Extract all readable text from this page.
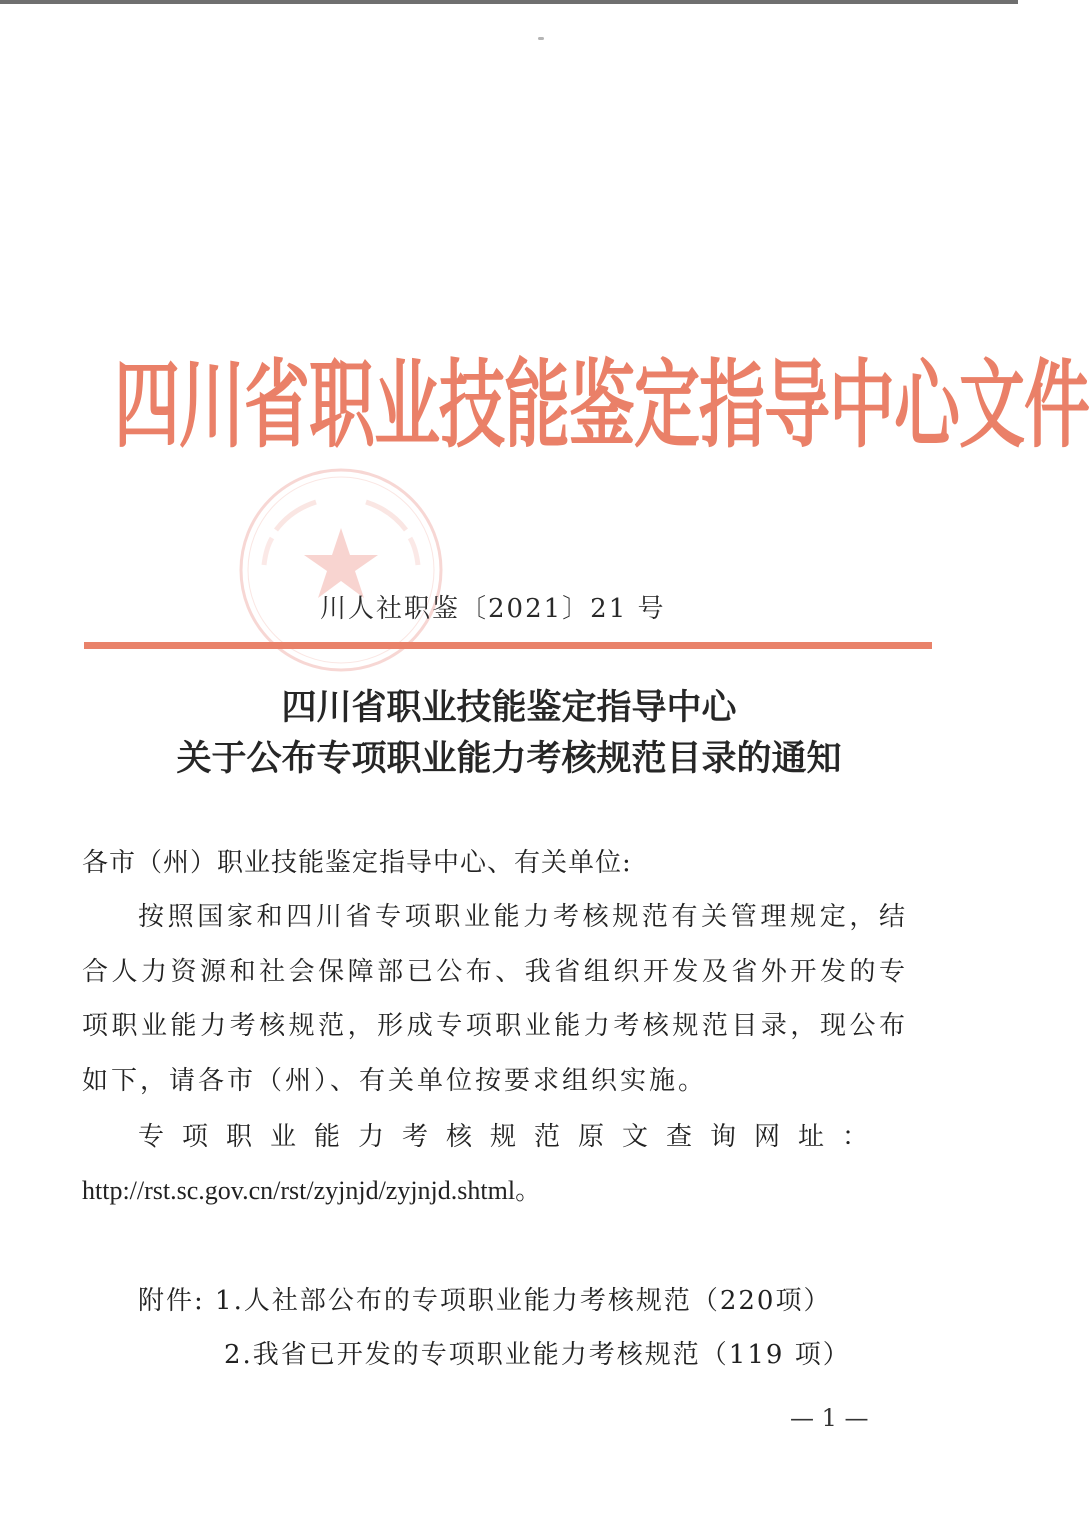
四川省职业技能鉴定指导中心文件
川人社职鉴〔2021〕21 号
四川省职业技能鉴定指导中心
关于公布专项职业能力考核规范目录的通知
各市（州）职业技能鉴定指导中心、有关单位:
按照国家和四川省专项职业能力考核规范有关管理规定，结合人力资源和社会保障部已公布、我省组织开发及省外开发的专项职业能力考核规范，形成专项职业能力考核规范目录，现公布如下，请各市（州）、有关单位按要求组织实施。
专项职业能力考核规范原文查询网址：
http://rst.sc.gov.cn/rst/zyjnjd/zyjnjd.shtml。
附件: 1.人社部公布的专项职业能力考核规范（220项）
2.我省已开发的专项职业能力考核规范（119 项）
— 1 —
